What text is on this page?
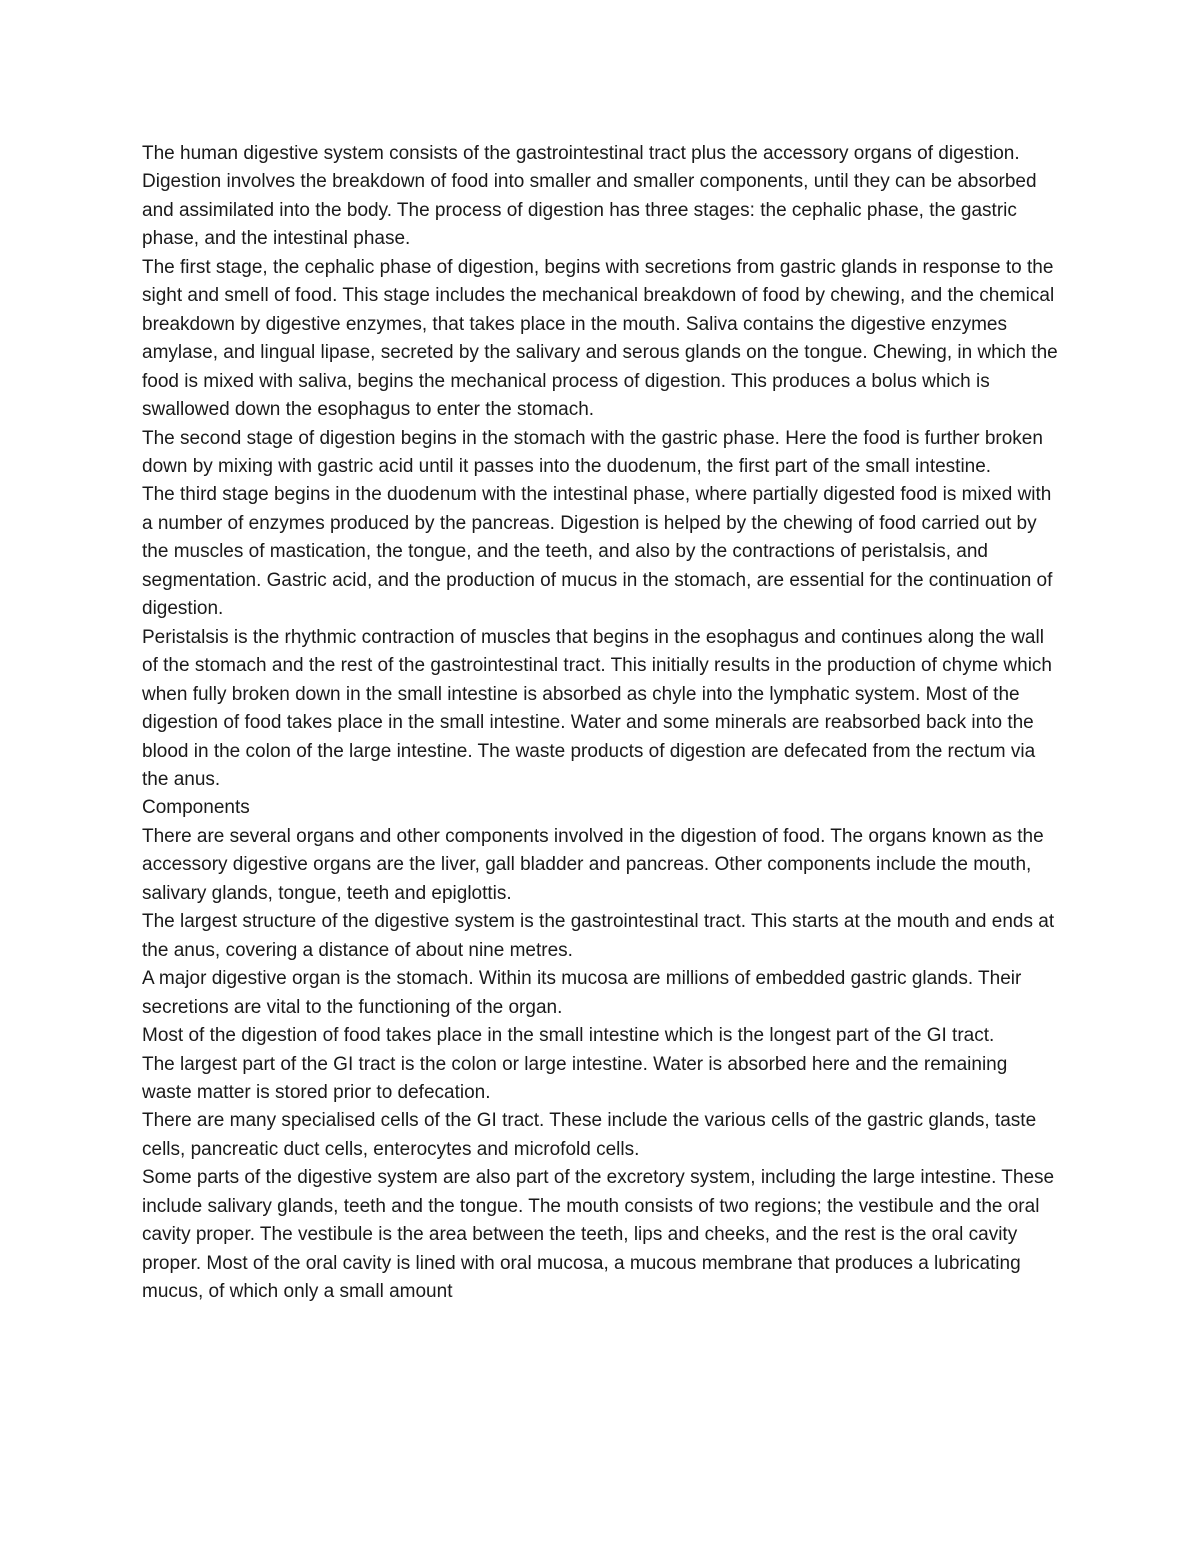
The human digestive system consists of the gastrointestinal tract plus the accessory organs of digestion. Digestion involves the breakdown of food into smaller and smaller components, until they can be absorbed and assimilated into the body. The process of digestion has three stages: the cephalic phase, the gastric phase, and the intestinal phase.

The first stage, the cephalic phase of digestion, begins with secretions from gastric glands in response to the sight and smell of food. This stage includes the mechanical breakdown of food by chewing, and the chemical breakdown by digestive enzymes, that takes place in the mouth. Saliva contains the digestive enzymes amylase, and lingual lipase, secreted by the salivary and serous glands on the tongue. Chewing, in which the food is mixed with saliva, begins the mechanical process of digestion. This produces a bolus which is swallowed down the esophagus to enter the stomach.

The second stage of digestion begins in the stomach with the gastric phase. Here the food is further broken down by mixing with gastric acid until it passes into the duodenum, the first part of the small intestine.

The third stage begins in the duodenum with the intestinal phase, where partially digested food is mixed with a number of enzymes produced by the pancreas. Digestion is helped by the chewing of food carried out by the muscles of mastication, the tongue, and the teeth, and also by the contractions of peristalsis, and segmentation. Gastric acid, and the production of mucus in the stomach, are essential for the continuation of digestion.

Peristalsis is the rhythmic contraction of muscles that begins in the esophagus and continues along the wall of the stomach and the rest of the gastrointestinal tract. This initially results in the production of chyme which when fully broken down in the small intestine is absorbed as chyle into the lymphatic system. Most of the digestion of food takes place in the small intestine. Water and some minerals are reabsorbed back into the blood in the colon of the large intestine. The waste products of digestion are defecated from the rectum via the anus.

Components

There are several organs and other components involved in the digestion of food. The organs known as the accessory digestive organs are the liver, gall bladder and pancreas. Other components include the mouth, salivary glands, tongue, teeth and epiglottis.

The largest structure of the digestive system is the gastrointestinal tract. This starts at the mouth and ends at the anus, covering a distance of about nine metres.

A major digestive organ is the stomach. Within its mucosa are millions of embedded gastric glands. Their secretions are vital to the functioning of the organ.

Most of the digestion of food takes place in the small intestine which is the longest part of the GI tract.

The largest part of the GI tract is the colon or large intestine. Water is absorbed here and the remaining waste matter is stored prior to defecation.

There are many specialised cells of the GI tract. These include the various cells of the gastric glands, taste cells, pancreatic duct cells, enterocytes and microfold cells.

Some parts of the digestive system are also part of the excretory system, including the large intestine. These include salivary glands, teeth and the tongue. The mouth consists of two regions; the vestibule and the oral cavity proper. The vestibule is the area between the teeth, lips and cheeks, and the rest is the oral cavity proper. Most of the oral cavity is lined with oral mucosa, a mucous membrane that produces a lubricating mucus, of which only a small amount
